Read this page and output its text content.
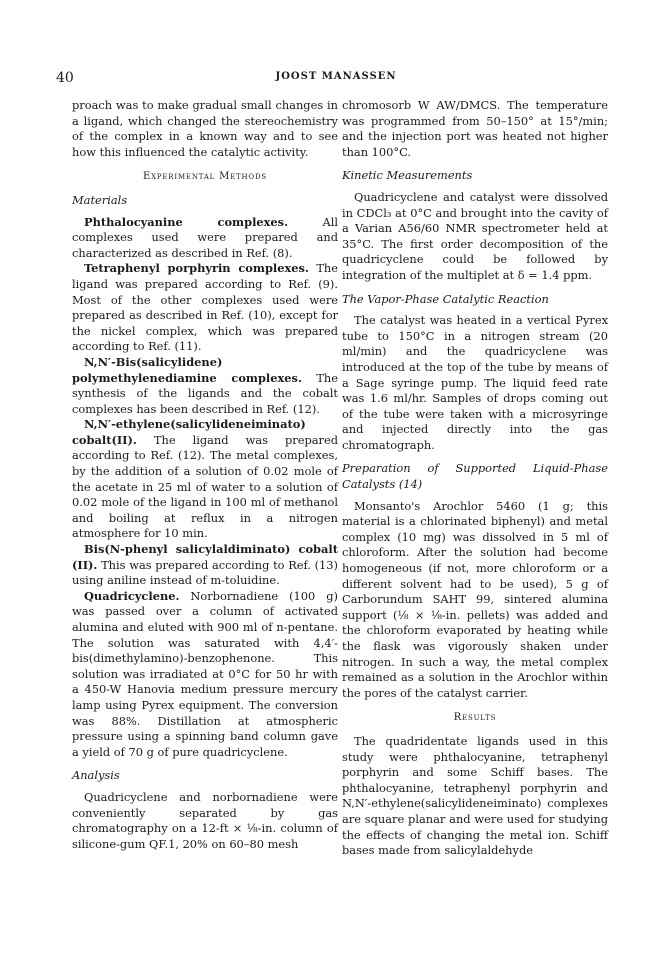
40	JOOST MANASSEN

proach was to make gradual small changes in a ligand, which changed the stereochemistry of the complex in a known way and to see how this influenced the catalytic activity.

Experimental Methods
Materials

Phthalocyanine complexes. All complexes used were prepared and characterized as described in Ref. (8).

Tetraphenyl porphyrin complexes. The ligand was prepared according to Ref. (9). Most of the other complexes used were prepared as described in Ref. (10), except for the nickel complex, which was prepared according to Ref. (11).

N,N′-Bis(salicylidene) polymethylenediamine complexes. The synthesis of the ligands and the cobalt complexes has been described in Ref. (12).

N,N′-ethylene(salicylideneiminato) cobalt(II). The ligand was prepared according to Ref. (12). The metal complexes, by the addition of a solution of 0.02 mole of the acetate in 25 ml of water to a solution of 0.02 mole of the ligand in 100 ml of methanol and boiling at reflux in a nitrogen atmosphere for 10 min.

Bis(N-phenyl salicylaldiminato) cobalt (II). This was prepared according to Ref. (13) using aniline instead of m-toluidine.

Quadricyclene. Norbornadiene (100 g) was passed over a column of activated alumina and eluted with 900 ml of n-pentane. The solution was saturated with 4,4′-bis(dimethylamino)-benzophenone. This solution was irradiated at 0°C for 50 hr with a 450-W Hanovia medium pressure mercury lamp using Pyrex equipment. The conversion was 88%. Distillation at atmospheric pressure using a spinning band column gave a yield of 70 g of pure quadricyclene.

Analysis

Quadricyclene and norbornadiene were conveniently separated by gas chromatography on a 12-ft × ⅛-in. column of silicone-gum QF.1, 20% on 60–80 mesh

chromosorb W AW/DMCS. The temperature was programmed from 50–150° at 15°/min; and the injection port was heated not higher than 100°C.

Kinetic Measurements

Quadricyclene and catalyst were dissolved in CDCl₃ at 0°C and brought into the cavity of a Varian A56/60 NMR spectrometer held at 35°C. The first order decomposition of the quadricyclene could be followed by integration of the multiplet at δ = 1.4 ppm.

The Vapor-Phase Catalytic Reaction

The catalyst was heated in a vertical Pyrex tube to 150°C in a nitrogen stream (20 ml/min) and the quadricyclene was introduced at the top of the tube by means of a Sage syringe pump. The liquid feed rate was 1.6 ml/hr. Samples of drops coming out of the tube were taken with a microsyringe and injected directly into the gas chromatograph.

Preparation of Supported Liquid-Phase Catalysts (14)

Monsanto's Arochlor 5460 (1 g; this material is a chlorinated biphenyl) and metal complex (10 mg) was dissolved in 5 ml of chloroform. After the solution had become homogeneous (if not, more chloroform or a different solvent had to be used), 5 g of Carborundum SAHT 99, sintered alumina support (⅛ × ⅛-in. pellets) was added and the chloroform evaporated by heating while the flask was vigorously shaken under nitrogen. In such a way, the metal complex remained as a solution in the Arochlor within the pores of the catalyst carrier.

Results

The quadridentate ligands used in this study were phthalocyanine, tetraphenyl porphyrin and some Schiff bases. The phthalocyanine, tetraphenyl porphyrin and N,N′-ethylene(salicylideneiminato) complexes are square planar and were used for studying the effects of changing the metal ion. Schiff bases made from salicylaldehyde
